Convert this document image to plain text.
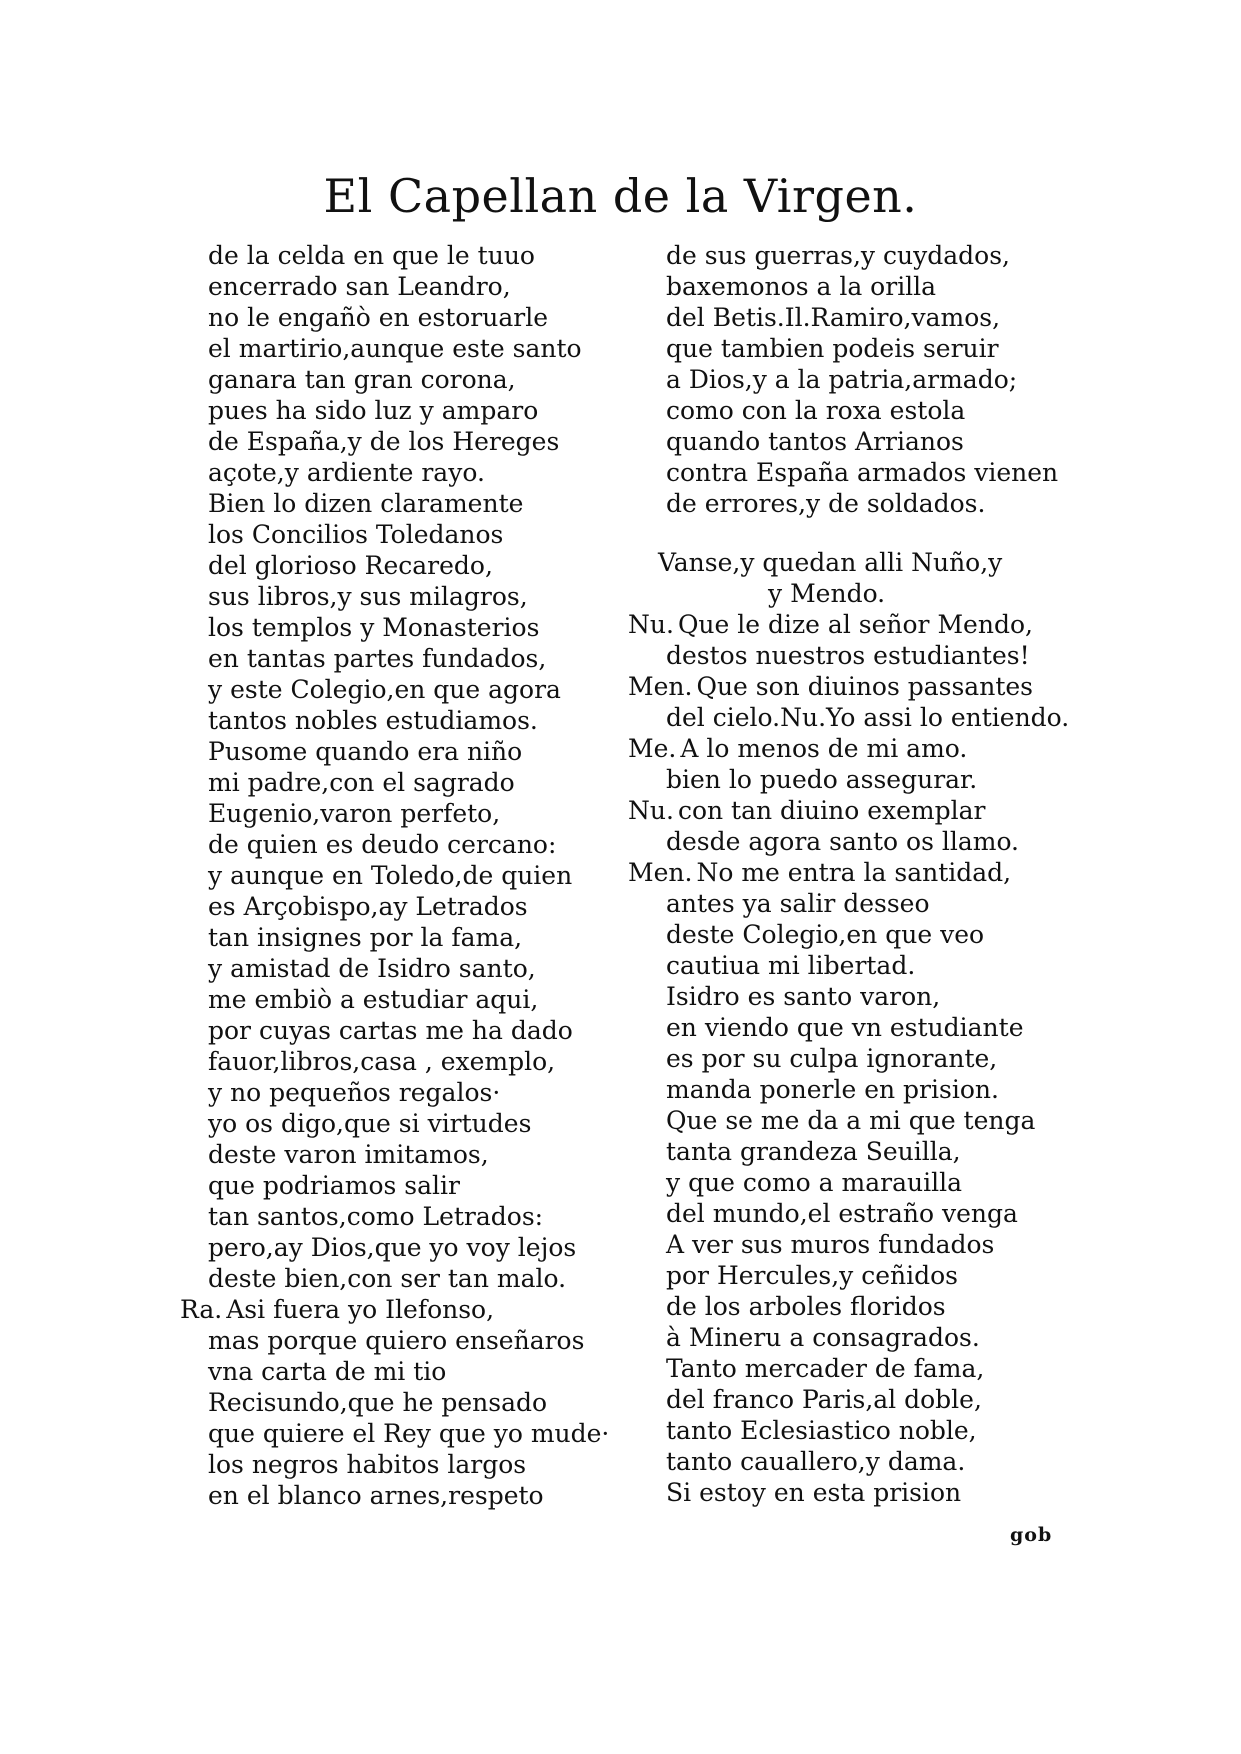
El Capellan de la Virgen.
de la celda en que le tuuo
encerrado san Leandro,
no le engañò en estoruarle
el martirio,aunque este santo
ganara tan gran corona,
pues ha sido luz y amparo
de España,y de los Hereges
açote,y ardiente rayo.
Bien lo dizen claramente
los Concilios Toledanos
del glorioso Recaredo,
sus libros,y sus milagros,
los templos y Monasterios
en tantas partes fundados,
y este Colegio,en que agora
tantos nobles estudiamos.
Pusome quando era niño
mi padre,con el sagrado
Eugenio,varon perfeto,
de quien es deudo cercano:
y aunque en Toledo,de quien
es Arçobispo,ay Letrados
tan insignes por la fama,
y amistad de Isidro santo,
me embiò a estudiar aqui,
por cuyas cartas me ha dado
fauor,libros,casa , exemplo,
y no pequeños regalos·
yo os digo,que si virtudes
deste varon imitamos,
que podriamos salir
tan santos,como Letrados:
pero,ay Dios,que yo voy lejos
deste bien,con ser tan malo.
Ra. Asi fuera yo Ilefonso,
mas porque quiero enseñaros
vna carta de mi tio
Recisundo,que he pensado
que quiere el Rey que yo mude·
los negros habitos largos
en el blanco arnes,respeto
de sus guerras,y cuydados,
baxemonos a la orilla
del Betis.Il.Ramiro,vamos,
que tambien podeis seruir
a Dios,y a la patria,armado;
como con la roxa estola
quando tantos Arrianos
contra España armados vienen
de errores,y de soldados.
Vanse,y quedan alli Nuño,y
y Mendo.
Nu. Que le dize al señor Mendo,
destos nuestros estudiantes!
Men. Que son diuinos passantes
del cielo.Nu.Yo assi lo entiendo.
Me. A lo menos de mi amo.
bien lo puedo assegurar.
Nu. con tan diuino exemplar
desde agora santo os llamo.
Men. No me entra la santidad,
antes ya salir desseo
deste Colegio,en que veo
cautiua mi libertad.
Isidro es santo varon,
en viendo que vn estudiante
es por su culpa ignorante,
manda ponerle en prision.
Que se me da a mi que tenga
tanta grandeza Seuilla,
y que como a marauilla
del mundo,el estraño venga
A ver sus muros fundados
por Hercules,y ceñidos
de los arboles floridos
à Mineru a consagrados.
Tanto mercader de fama,
del franco Paris,al doble,
tanto Eclesiastico noble,
tanto cauallero,y dama.
Si estoy en esta prision
gob
